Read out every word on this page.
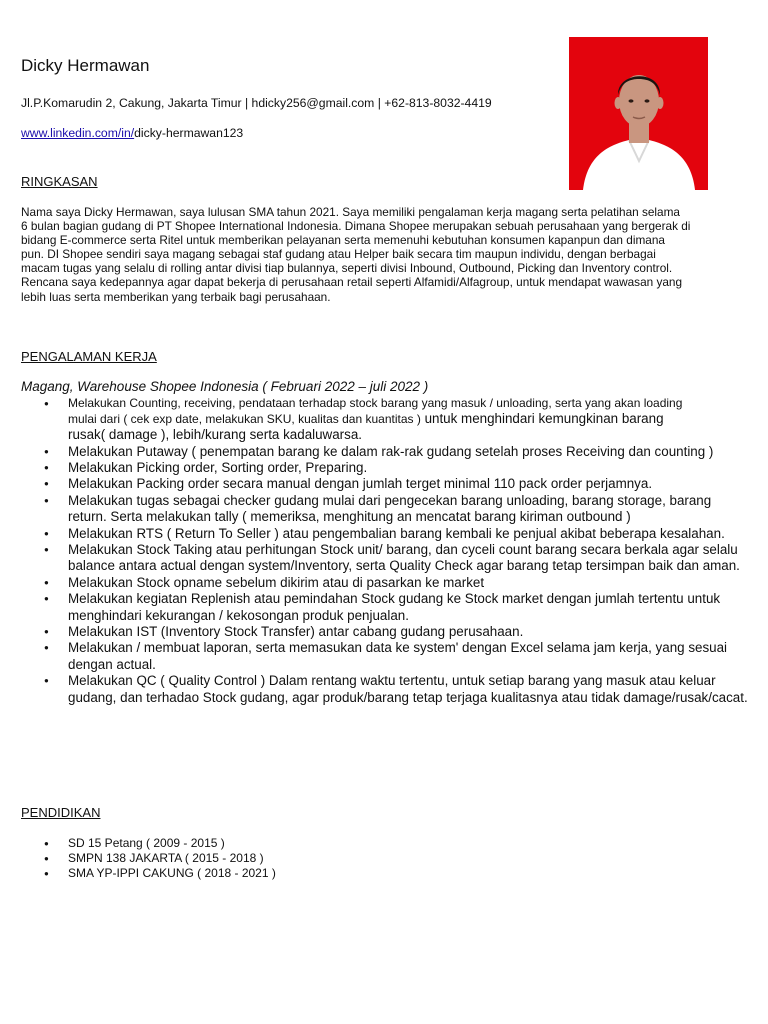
Dicky Hermawan
Jl.P.Komarudin 2, Cakung, Jakarta Timur | hdicky256@gmail.com | +62-813-8032-4419
www.linkedin.com/in/dicky-hermawan123
RINGKASAN

Nama saya Dicky Hermawan, saya lulusan SMA tahun 2021. Saya memiliki pengalaman kerja magang serta pelatihan selama

6 bulan bagian gudang di PT Shopee International Indonesia. Dimana Shopee merupakan sebuah perusahaan yang bergerak di

bidang E-commerce serta Ritel untuk memberikan pelayanan serta memenuhi kebutuhan konsumen kapanpun dan dimana

pun. DI Shopee sendiri saya magang sebagai staf gudang atau Helper baik secara tim maupun individu, dengan berbagai

macam tugas yang selalu di rolling antar divisi tiap bulannya, seperti divisi Inbound, Outbound, Picking dan Inventory control.

Rencana saya kedepannya agar dapat bekerja di perusahaan retail seperti Alfamidi/Alfagroup, untuk mendapat wawasan yang

lebih luas serta memberikan yang terbaik bagi perusahaan.

PENGALAMAN KERJA
Magang, Warehouse Shopee Indonesia ( Februari 2022 – juli 2022 )
● Melakukan Counting, receiving, pendataan terhadap stock barang yang masuk / unloading, serta yang akan loading
mulai dari ( cek exp date, melakukan SKU, kualitas dan kuantitas ) untuk menghindari kemungkinan barang
rusak( damage ), lebih/kurang serta kadaluwarsa.
● Melakukan Putaway ( penempatan barang ke dalam rak-rak gudang setelah proses Receiving dan counting )
● Melakukan Picking order, Sorting order, Preparing.
● Melakukan Packing order secara manual dengan jumlah terget minimal 110 pack order perjamnya.
● Melakukan tugas sebagai checker gudang mulai dari pengecekan barang unloading, barang storage, barang return. Serta melakukan tally ( memeriksa, menghitung an mencatat barang kiriman outbound )
● Melakukan RTS ( Return To Seller ) atau pengembalian barang kembali ke penjual akibat beberapa kesalahan.
● Melakukan Stock Taking atau perhitungan Stock unit/ barang, dan cyceli count barang secara berkala agar selalu balance antara actual dengan system/Inventory, serta Quality Check agar barang tetap tersimpan baik dan aman.
● Melakukan Stock opname sebelum dikirim atau di pasarkan ke market
● Melakukan kegiatan Replenish atau pemindahan Stock gudang ke Stock market dengan jumlah tertentu untuk menghindari kekurangan / kekosongan produk penjualan.
● Melakukan IST (Inventory Stock Transfer) antar cabang gudang perusahaan.
● Melakukan / membuat laporan, serta memasukan data ke system' dengan Excel selama jam kerja, yang sesuai dengan actual.
● Melakukan QC ( Quality Control ) Dalam rentang waktu tertentu, untuk setiap barang yang masuk atau keluar gudang, dan terhadao Stock gudang, agar produk/barang tetap terjaga kualitasnya atau tidak damage/rusak/cacat.
PENDIDIKAN
● SD 15 Petang ( 2009 - 2015 )
● SMPN 138 JAKARTA ( 2015 - 2018 )
● SMA YP-IPPI CAKUNG ( 2018 - 2021 )
